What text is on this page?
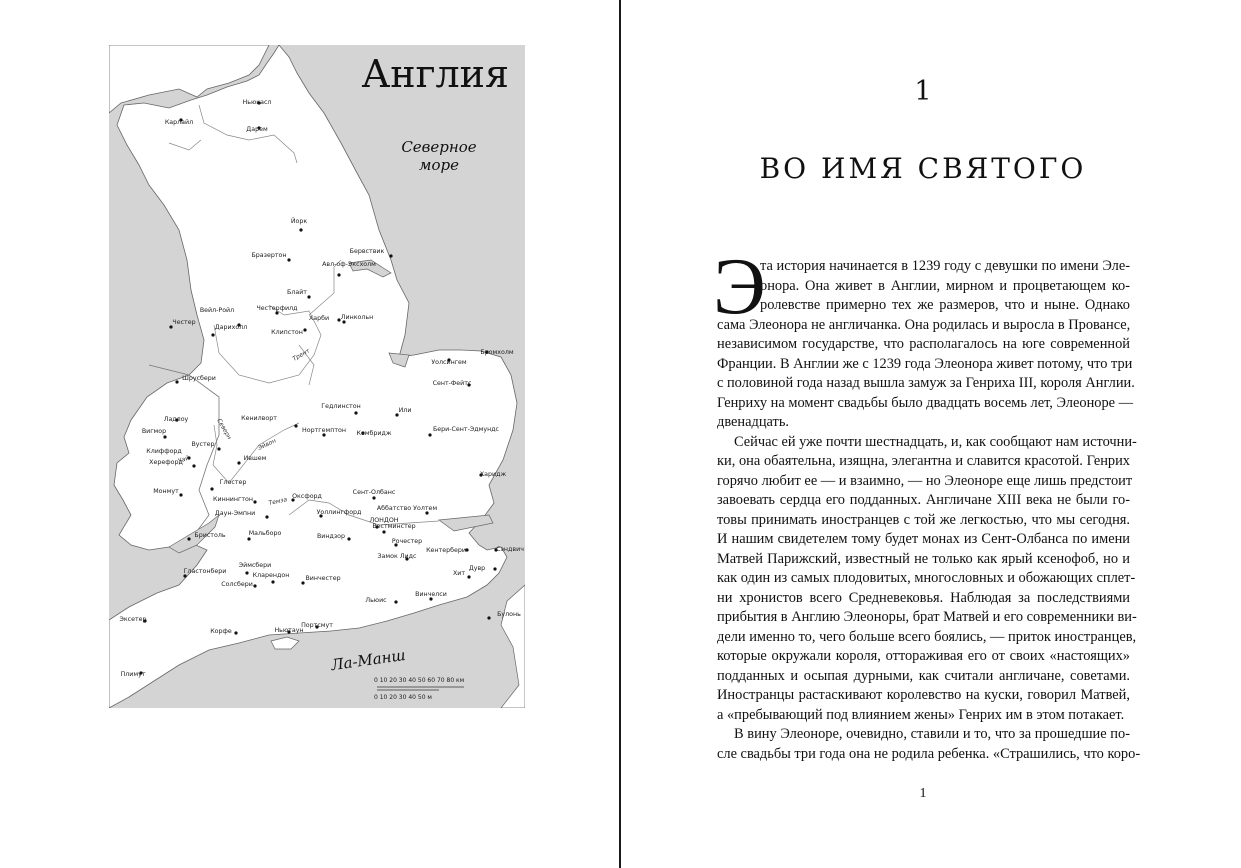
Англия
Северное
море
Ла-Манш
Ньюкасл
Карлайл
Дарем
Йорк
Бервствик
Бразертон
Авл-оф-Эксхолм
Блайт
Вейл-Ройл	Честерфилд
Харби Линкольн
Честер
Дарихолл
Клипстон
Уолсингем
Бромхолм
Сент-Фейтс
Шрусбери
Гедлинстон
Или
Ладлоу	Кенилворт
Нортгемптон Кембридж
Бери-Сент-Эдмундс
Вигмор
Вустер
Клиффорд
Херефорд
Ившем
Харидж
Монмут
Глостер
Киннингтон	Оксфорд
Сент-Олбанс
Даун-Эмпни	Уоллингфорд
Аббатство Уолтем
ЛОНДОН
Виндзор
Вестминстер
Бристоль	Мальборо
Рочестер
Кентербери	Сэндвич
Замок Лидс
Дувр
Хит
Эймсбери
Гластонбери
Кларендон
Солсбери
Винчестер
Льюис
Винчелси
Булонь
Эксетер
Корфе
Портсмут
Ньютаун
Плимут
Трент
Северн
Эйвон
Уай
Темза
0 10 20 30 40 50 60 70 80 км
0 10 20 30 40 50 м
1
ВО ИМЯ СВЯТОГО
Э
та история начинается в 1239 году с девушки по имени Эле-
онора. Она живет в Англии, мирном и процветающем ко-
ролевстве примерно тех же размеров, что и ныне. Однако
сама Элеонора не англичанка. Она родилась и выросла в Провансе,
независимом государстве, что располагалось на юге современной
Франции. В Англии же с 1239 года Элеонора живет потому, что три
с половиной года назад вышла замуж за Генриха III, короля Англии.
Генриху на момент свадьбы было двадцать восемь лет, Элеоноре —
двенадцать.
Сейчас ей уже почти шестнадцать, и, как сообщают нам источни-
ки, она обаятельна, изящна, элегантна и славится красотой. Генрих
горячо любит ее — и взаимно, — но Элеоноре еще лишь предстоит
завоевать сердца его подданных. Англичане XIII века не были го-
товы принимать иностранцев с той же легкостью, что мы сегодня.
И нашим свидетелем тому будет монах из Сент-Олбанса по имени
Матвей Парижский, известный не только как ярый ксенофоб, но и
как один из самых плодовитых, многословных и обожающих сплет-
ни хронистов всего Средневековья. Наблюдая за последствиями
прибытия в Англию Элеоноры, брат Матвей и его современники ви-
дели именно то, чего больше всего боялись, — приток иностранцев,
которые окружали короля, оттораживая его от своих «настоящих»
подданных и осыпая дурными, как считали англичане, советами.
Иностранцы растаскивают королевство на куски, говорил Матвей,
а «пребывающий под влиянием жены» Генрих им в этом потакает.
В вину Элеоноре, очевидно, ставили и то, что за прошедшие по-
сле свадьбы три года она не родила ребенка. «Страшились, что коро-
1
